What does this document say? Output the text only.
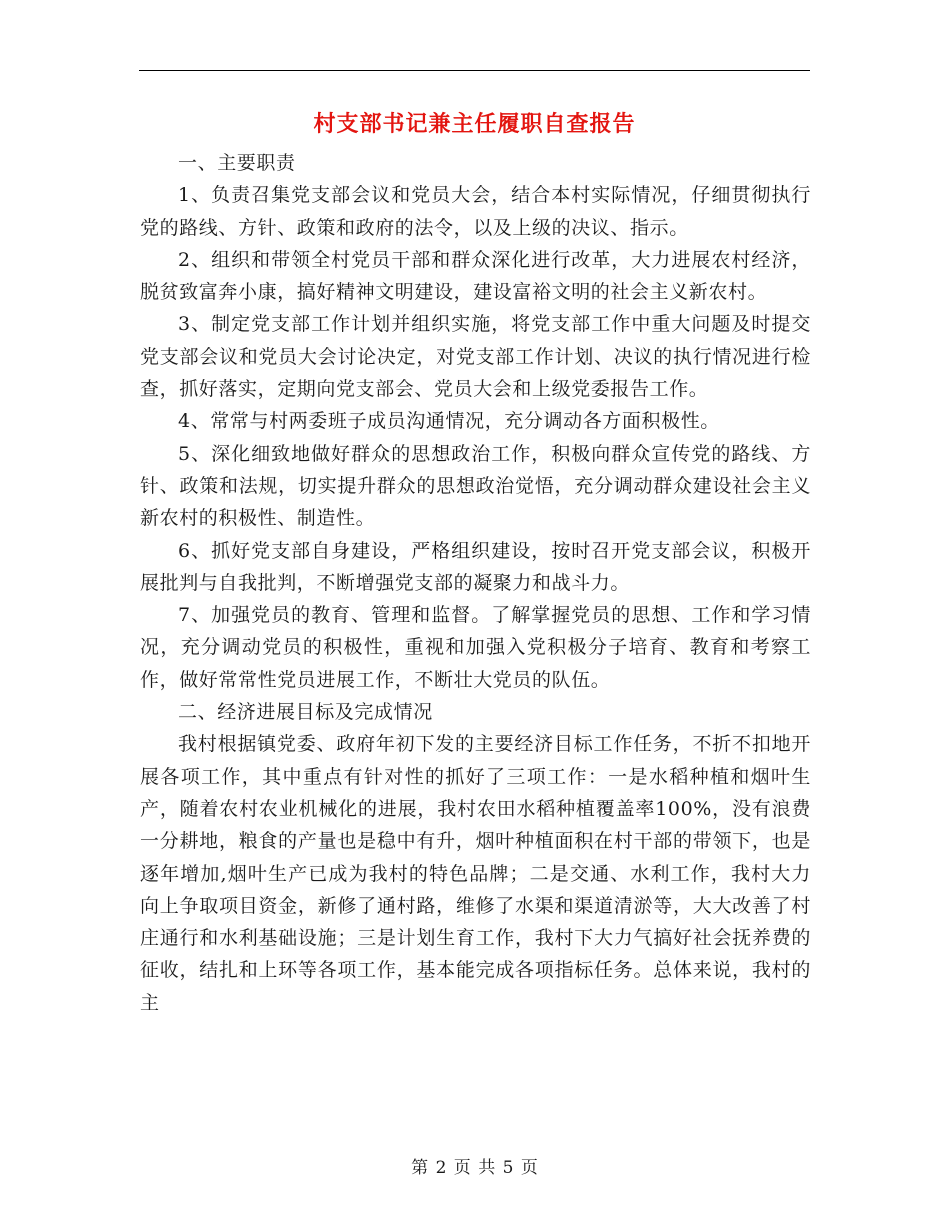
村支部书记兼主任履职自查报告

一、主要职责

1、负责召集党支部会议和党员大会，结合本村实际情况，仔细贯彻执行党的路线、方针、政策和政府的法令，以及上级的决议、指示。

2、组织和带领全村党员干部和群众深化进行改革，大力进展农村经济，脱贫致富奔小康，搞好精神文明建设，建设富裕文明的社会主义新农村。

3、制定党支部工作计划并组织实施，将党支部工作中重大问题及时提交党支部会议和党员大会讨论决定，对党支部工作计划、决议的执行情况进行检查，抓好落实，定期向党支部会、党员大会和上级党委报告工作。

4、常常与村两委班子成员沟通情况，充分调动各方面积极性。

5、深化细致地做好群众的思想政治工作，积极向群众宣传党的路线、方针、政策和法规，切实提升群众的思想政治觉悟，充分调动群众建设社会主义新农村的积极性、制造性。

6、抓好党支部自身建设，严格组织建设，按时召开党支部会议，积极开展批判与自我批判，不断增强党支部的凝聚力和战斗力。

7、加强党员的教育、管理和监督。了解掌握党员的思想、工作和学习情况，充分调动党员的积极性，重视和加强入党积极分子培育、教育和考察工作，做好常常性党员进展工作，不断壮大党员的队伍。

二、经济进展目标及完成情况

我村根据镇党委、政府年初下发的主要经济目标工作任务，不折不扣地开展各项工作，其中重点有针对性的抓好了三项工作：一是水稻种植和烟叶生产，随着农村农业机械化的进展，我村农田水稻种植覆盖率100%，没有浪费一分耕地，粮食的产量也是稳中有升，烟叶种植面积在村干部的带领下，也是逐年增加,烟叶生产已成为我村的特色品牌；二是交通、水利工作，我村大力向上争取项目资金，新修了通村路，维修了水渠和渠道清淤等，大大改善了村庄通行和水利基础设施；三是计划生育工作，我村下大力气搞好社会抚养费的征收，结扎和上环等各项工作，基本能完成各项指标任务。总体来说，我村的主

第 2 页 共 5 页
